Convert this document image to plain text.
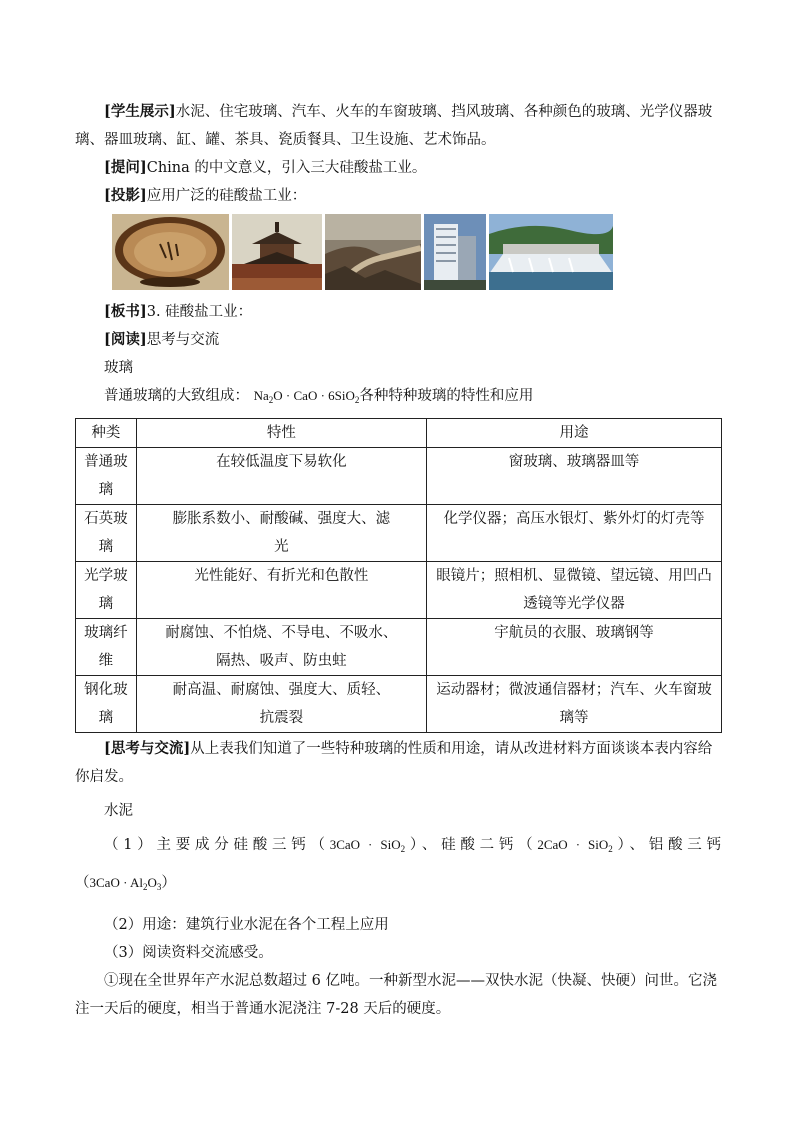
[学生展示]水泥、住宅玻璃、汽车、火车的车窗玻璃、挡风玻璃、各种颜色的玻璃、光学仪器玻璃、器皿玻璃、缸、罐、茶具、瓷质餐具、卫生设施、艺术饰品。

[提问]China 的中文意义，引入三大硅酸盐工业。

[投影]应用广泛的硅酸盐工业：

[板书]3. 硅酸盐工业：

[阅读]思考与交流

玻璃

普通玻璃的大致组成： $Na_2O$ · CaO · 6SiO$_2$各种特种玻璃的特性和应用

种类	特性	用途
普通玻璃	在较低温度下易软化	窗玻璃、玻璃器皿等
石英玻璃	膨胀系数小、耐酸碱、强度大、滤光	化学仪器；高压水银灯、紫外灯的灯壳等
光学玻璃	光性能好、有折光和色散性	眼镜片；照相机、显微镜、望远镜、用凹凸透镜等光学仪器

玻璃纤维	耐腐蚀、不怕烧、不导电、不吸水、隔热、吸声、防虫蛀	宇航员的衣服、玻璃钢等
钢化玻璃	耐高温、耐腐蚀、强度大、质轻、抗震裂	运动器材；微波通信器材；汽车、火车窗玻璃等

[思考与交流]从上表我们知道了一些特种玻璃的性质和用途，请从改进材料方面谈谈本表内容给你启发。

水泥

（1）主要成分硅酸三钙（3CaO · SiO$_2$）、硅酸二钙（2CaO · SiO$_2$）、铝酸三钙

$(3CaO \cdot Al_2O_3)$

（2）用途：建筑行业水泥在各个工程上应用

（3）阅读资料交流感受。

①现在全世界年产水泥总数超过 6 亿吨。一种新型水泥——双快水泥（快凝、快硬）问世。它浇注一天后的硬度，相当于普通水泥浇注 7-28 天后的硬度。
